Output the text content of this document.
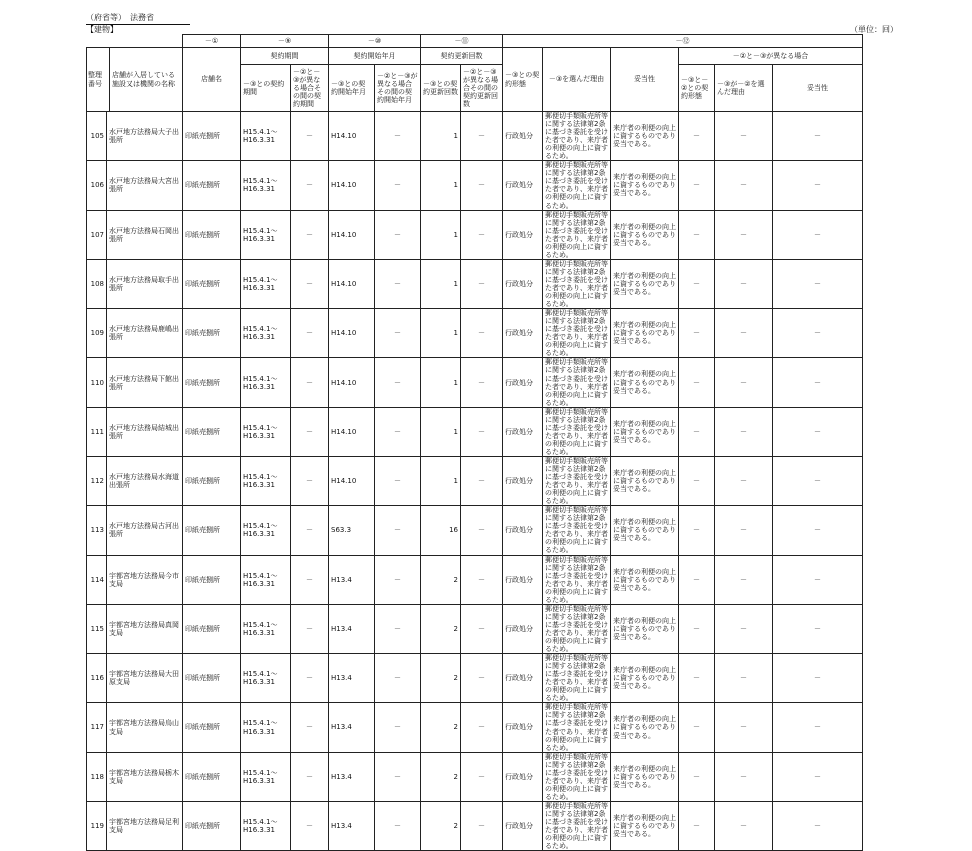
（府省等）　法務省
【建物】	（単位：回）
		－①	－⑨		－⑩		－⑪		－⑫					

整理番号
店舗が入居している施設又は機関の名称		店舗名	契約期間		契約開始年月		契約更新回数		－③との契約形態	－③を選んだ理由	妥当性	－②と－③が異なる場合		
			－③との契約期間	－②と－③が異なる場合その間の契約期間	－③との契約開始年月	－②と－③が異なる場合その間の契約開始年月	－③との契約更新回数	－②と－③が異なる場合その間の契約更新回数				－③と－②との契約形態	－③が－②を選んだ理由	妥当性
105	水戸地方法務局大子出張所	印紙売捌所	H15.4.1～
H16.3.31	－	H14.10	－	1	－	行政処分	郵便切手類販売所等に関する法律第2条に基づき委託を受けた者であり、来庁者の利便の向上に資するため。	来庁者の利便の向上に資するものであり妥当である。	－	－	－
106	水戸地方法務局大宮出張所	印紙売捌所	H15.4.1～
H16.3.31	－	H14.10	－	1	－	行政処分	郵便切手類販売所等に関する法律第2条に基づき委託を受けた者であり、来庁者の利便の向上に資するため。	来庁者の利便の向上に資するものであり妥当である。	－	－	－
107	水戸地方法務局石岡出張所	印紙売捌所	H15.4.1～
H16.3.31	－	H14.10	－	1	－	行政処分	郵便切手類販売所等に関する法律第2条に基づき委託を受けた者であり、来庁者の利便の向上に資するため。	来庁者の利便の向上に資するものであり妥当である。	－	－	－
108	水戸地方法務局取手出張所	印紙売捌所	H15.4.1～
H16.3.31	－	H14.10	－	1	－	行政処分	郵便切手類販売所等に関する法律第2条に基づき委託を受けた者であり、来庁者の利便の向上に資するため。	来庁者の利便の向上に資するものであり妥当である。	－	－	－
109	水戸地方法務局鹿嶋出張所	印紙売捌所	H15.4.1～
H16.3.31	－	H14.10	－	1	－	行政処分	郵便切手類販売所等に関する法律第2条に基づき委託を受けた者であり、来庁者の利便の向上に資するため。	来庁者の利便の向上に資するものであり妥当である。	－	－	－
110	水戸地方法務局下館出張所	印紙売捌所	H15.4.1～
H16.3.31	－	H14.10	－	1	－	行政処分	郵便切手類販売所等に関する法律第2条に基づき委託を受けた者であり、来庁者の利便の向上に資するため。	来庁者の利便の向上に資するものであり妥当である。	－	－	－
111	水戸地方法務局結城出張所	印紙売捌所	H15.4.1～
H16.3.31	－	H14.10	－	1	－	行政処分	郵便切手類販売所等に関する法律第2条に基づき委託を受けた者であり、来庁者の利便の向上に資するため。	来庁者の利便の向上に資するものであり妥当である。	－	－	－
112	水戸地方法務局水海道出張所	印紙売捌所	H15.4.1～
H16.3.31	－	H14.10	－	1	－	行政処分	郵便切手類販売所等に関する法律第2条に基づき委託を受けた者であり、来庁者の利便の向上に資するため。	来庁者の利便の向上に資するものであり妥当である。	－	－	－
113	水戸地方法務局古河出張所	印紙売捌所	H15.4.1～
H16.3.31	－	S63.3	－	16	－	行政処分	郵便切手類販売所等に関する法律第2条に基づき委託を受けた者であり、来庁者の利便の向上に資するため。	来庁者の利便の向上に資するものであり妥当である。	－	－	－
114	宇都宮地方法務局今市支局	印紙売捌所	H15.4.1～
H16.3.31	－	H13.4	－	2	－	行政処分	郵便切手類販売所等に関する法律第2条に基づき委託を受けた者であり、来庁者の利便の向上に資するため。	来庁者の利便の向上に資するものであり妥当である。	－	－	－
115	宇都宮地方法務局真岡支局	印紙売捌所	H15.4.1～
H16.3.31	－	H13.4	－	2	－	行政処分	郵便切手類販売所等に関する法律第2条に基づき委託を受けた者であり、来庁者の利便の向上に資するため。	来庁者の利便の向上に資するものであり妥当である。	－	－	－
116	宇都宮地方法務局大田原支局	印紙売捌所	H15.4.1～
H16.3.31	－	H13.4	－	2	－	行政処分	郵便切手類販売所等に関する法律第2条に基づき委託を受けた者であり、来庁者の利便の向上に資するため。	来庁者の利便の向上に資するものであり妥当である。	－	－	－
117	宇都宮地方法務局烏山支局	印紙売捌所	H15.4.1～
H16.3.31	－	H13.4	－	2	－	行政処分	郵便切手類販売所等に関する法律第2条に基づき委託を受けた者であり、来庁者の利便の向上に資するため。	来庁者の利便の向上に資するものであり妥当である。	－	－	－
118	宇都宮地方法務局栃木支局	印紙売捌所	H15.4.1～
H16.3.31	－	H13.4	－	2	－	行政処分	郵便切手類販売所等に関する法律第2条に基づき委託を受けた者であり、来庁者の利便の向上に資するため。	来庁者の利便の向上に資するものであり妥当である。	－	－	－
119	宇都宮地方法務局足利支局	印紙売捌所	H15.4.1～
H16.3.31	－	H13.4	－	2	－	行政処分	郵便切手類販売所等に関する法律第2条に基づき委託を受けた者であり、来庁者の利便の向上に資するため。	来庁者の利便の向上に資するものであり妥当である。	－	－	－
